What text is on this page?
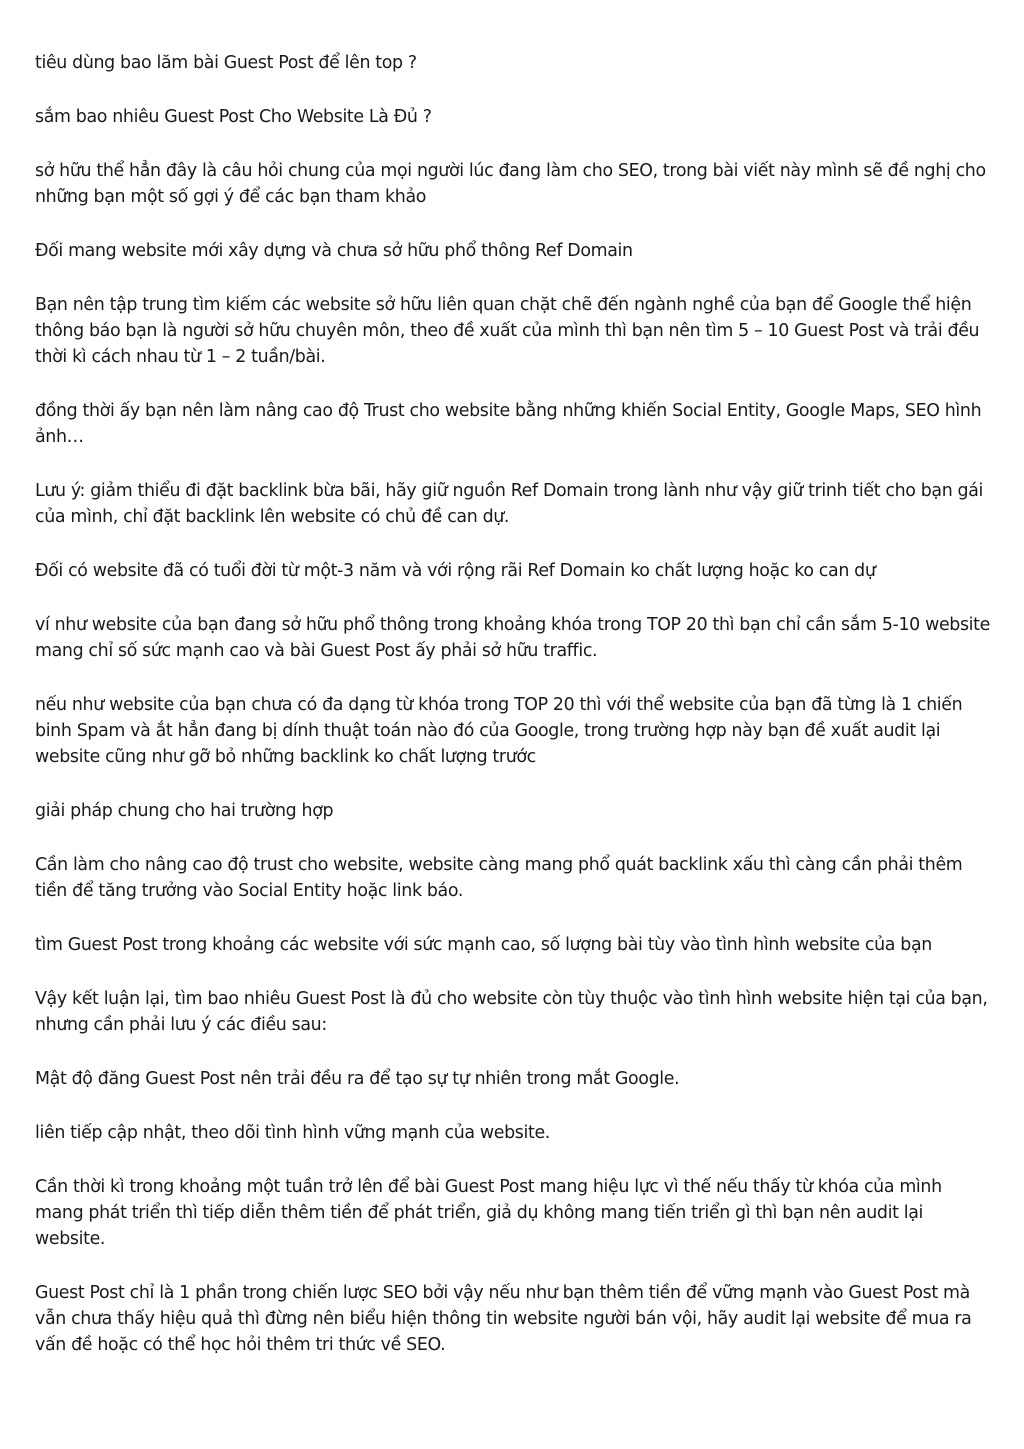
tiêu dùng bao lăm bài Guest Post để lên top ?

sắm bao nhiêu Guest Post Cho Website Là Đủ ?

sở hữu thể hẳn đây là câu hỏi chung của mọi người lúc đang làm cho SEO, trong bài viết này mình sẽ đề nghị cho những bạn một số gợi ý để các bạn tham khảo

Đối mang website mới xây dựng và chưa sở hữu phổ thông Ref Domain

Bạn nên tập trung tìm kiếm các website sở hữu liên quan chặt chẽ đến ngành nghề của bạn để Google thể hiện thông báo bạn là người sở hữu chuyên môn, theo đề xuất của mình thì bạn nên tìm 5 – 10 Guest Post và trải đều thời kì cách nhau từ 1 – 2 tuần/bài.

đồng thời ấy bạn nên làm nâng cao độ Trust cho website bằng những khiến Social Entity, Google Maps, SEO hình ảnh…

Lưu ý: giảm thiểu đi đặt backlink bừa bãi, hãy giữ nguồn Ref Domain trong lành như vậy giữ trinh tiết cho bạn gái của mình, chỉ đặt backlink lên website có chủ đề can dự.

Đối có website đã có tuổi đời từ một-3 năm và với rộng rãi Ref Domain ko chất lượng hoặc ko can dự

ví như website của bạn đang sở hữu phổ thông trong khoảng khóa trong TOP 20 thì bạn chỉ cần sắm 5-10 website mang chỉ số sức mạnh cao và bài Guest Post ấy phải sở hữu traffic.

nếu như website của bạn chưa có đa dạng từ khóa trong TOP 20 thì với thể website của bạn đã từng là 1 chiến binh Spam và ắt hẳn đang bị dính thuật toán nào đó của Google, trong trường hợp này bạn đề xuất audit lại website cũng như gỡ bỏ những backlink ko chất lượng trước

giải pháp chung cho hai trường hợp

Cần làm cho nâng cao độ trust cho website, website càng mang phổ quát backlink xấu thì càng cần phải thêm tiền để tăng trưởng vào Social Entity hoặc link báo.

tìm Guest Post trong khoảng các website với sức mạnh cao, số lượng bài tùy vào tình hình website của bạn

Vậy kết luận lại, tìm bao nhiêu Guest Post là đủ cho website còn tùy thuộc vào tình hình website hiện tại của bạn, nhưng cần phải lưu ý các điều sau:

Mật độ đăng Guest Post nên trải đều ra để tạo sự tự nhiên trong mắt Google.

liên tiếp cập nhật, theo dõi tình hình vững mạnh của website.

Cần thời kì trong khoảng một tuần trở lên để bài Guest Post mang hiệu lực vì thế nếu thấy từ khóa của mình mang phát triển thì tiếp diễn thêm tiền để phát triển, giả dụ không mang tiến triển gì thì bạn nên audit lại website.

Guest Post chỉ là 1 phần trong chiến lược SEO bởi vậy nếu như bạn thêm tiền để vững mạnh vào Guest Post mà vẫn chưa thấy hiệu quả thì đừng nên biểu hiện thông tin website người bán vội, hãy audit lại website để mua ra vấn đề hoặc có thể học hỏi thêm tri thức về SEO.
